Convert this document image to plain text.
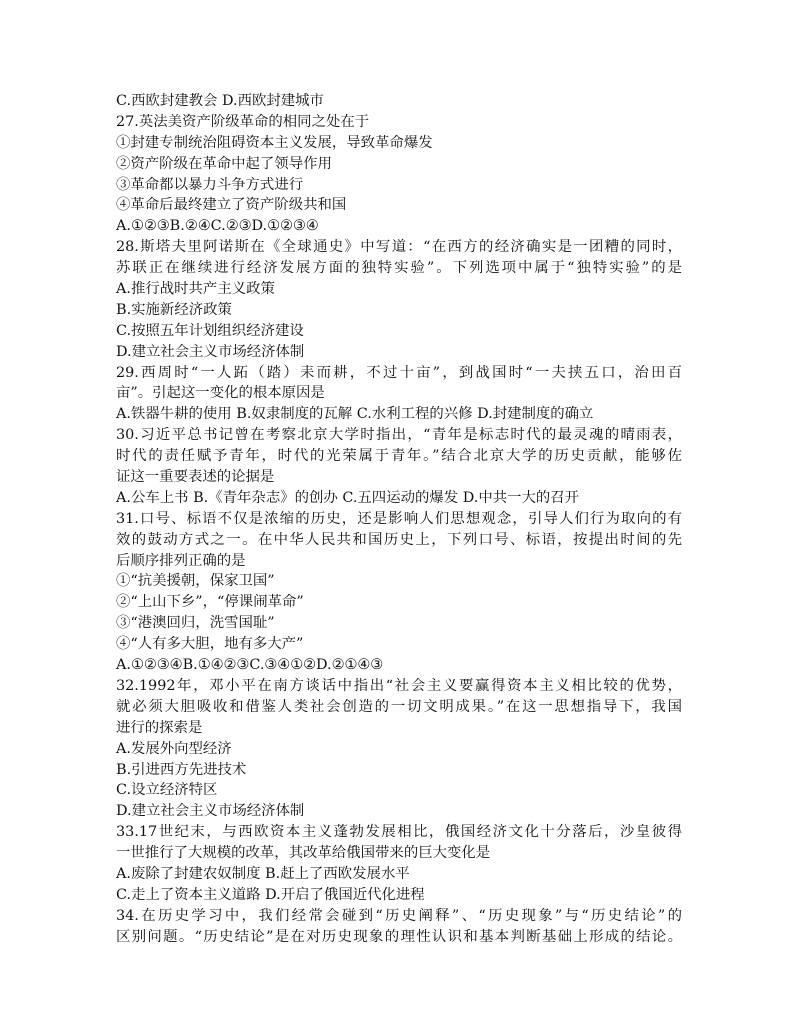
C.西欧封建教会 D.西欧封建城市
27.英法美资产阶级革命的相同之处在于
①封建专制统治阻碍资本主义发展，导致革命爆发
②资产阶级在革命中起了领导作用
③革命都以暴力斗争方式进行
④革命后最终建立了资产阶级共和国
A.①②③B.②④C.②③D.①②③④
28.斯塔夫里阿诺斯在《全球通史》中写道：“在西方的经济确实是一团糟的同时，
苏联正在继续进行经济发展方面的独特实验”。下列选项中属于“独特实验”的是
A.推行战时共产主义政策
B.实施新经济政策
C.按照五年计划组织经济建设
D.建立社会主义市场经济体制
29.西周时“一人跖（踏）耒而耕，不过十亩”，到战国时“一夫挟五口，治田百
亩”。引起这一变化的根本原因是
A.铁器牛耕的使用 B.奴隶制度的瓦解 C.水利工程的兴修 D.封建制度的确立
30.习近平总书记曾在考察北京大学时指出，“青年是标志时代的最灵魂的晴雨表，
时代的责任赋予青年，时代的光荣属于青年。”结合北京大学的历史贡献，能够佐
证这一重要表述的论据是
A.公车上书 B.《青年杂志》的创办 C.五四运动的爆发 D.中共一大的召开
31.口号、标语不仅是浓缩的历史，还是影响人们思想观念，引导人们行为取向的有
效的鼓动方式之一。在中华人民共和国历史上，下列口号、标语，按提出时间的先
后顺序排列正确的是
①“抗美援朝，保家卫国”
②“上山下乡”，“停课闹革命”
③“港澳回归，洗雪国耻”
④“人有多大胆，地有多大产”
A.①②③④B.①④②③C.③④①②D.②①④③
32.1992年，邓小平在南方谈话中指出“社会主义要赢得资本主义相比较的优势，
就必须大胆吸收和借鉴人类社会创造的一切文明成果。”在这一思想指导下，我国
进行的探索是
A.发展外向型经济
B.引进西方先进技术
C.设立经济特区
D.建立社会主义市场经济体制
33.17世纪末，与西欧资本主义蓬勃发展相比，俄国经济文化十分落后，沙皇彼得
一世推行了大规模的改革，其改革给俄国带来的巨大变化是
A.废除了封建农奴制度 B.赶上了西欧发展水平
C.走上了资本主义道路 D.开启了俄国近代化进程
34.在历史学习中，我们经常会碰到“历史阐释”、“历史现象”与“历史结论”的
区别问题。“历史结论”是在对历史现象的理性认识和基本判断基础上形成的结论。
